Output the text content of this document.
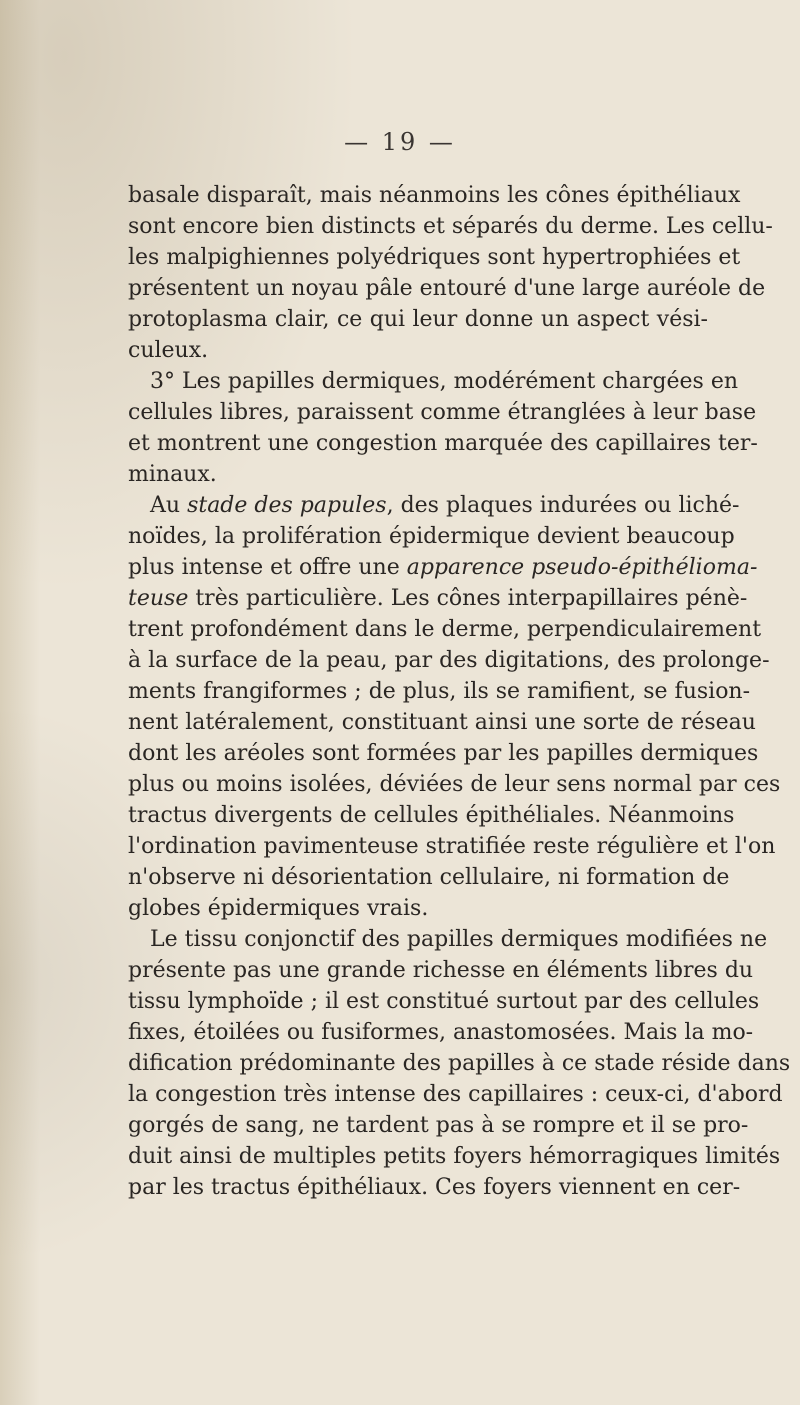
— 19 —
basale disparaît, mais néanmoins les cônes épithéliaux
sont encore bien distincts et séparés du derme. Les cellu-
les malpighiennes polyédriques sont hypertrophiées et
présentent un noyau pâle entouré d'une large auréole de
protoplasma clair, ce qui leur donne un aspect vési-
culeux.
3° Les papilles dermiques, modérément chargées en
cellules libres, paraissent comme étranglées à leur base
et montrent une congestion marquée des capillaires ter-
minaux.
Au stade des papules, des plaques indurées ou liché-
noïdes, la prolifération épidermique devient beaucoup
plus intense et offre une apparence pseudo-épithélioma-
teuse très particulière. Les cônes interpapillaires pénè-
trent profondément dans le derme, perpendiculairement
à la surface de la peau, par des digitations, des prolonge-
ments frangiformes ; de plus, ils se ramifient, se fusion-
nent latéralement, constituant ainsi une sorte de réseau
dont les aréoles sont formées par les papilles dermiques
plus ou moins isolées, déviées de leur sens normal par ces
tractus divergents de cellules épithéliales. Néanmoins
l'ordination pavimenteuse stratifiée reste régulière et l'on
n'observe ni désorientation cellulaire, ni formation de
globes épidermiques vrais.
Le tissu conjonctif des papilles dermiques modifiées ne
présente pas une grande richesse en éléments libres du
tissu lymphoïde ; il est constitué surtout par des cellules
fixes, étoilées ou fusiformes, anastomosées. Mais la mo-
dification prédominante des papilles à ce stade réside dans
la congestion très intense des capillaires : ceux-ci, d'abord
gorgés de sang, ne tardent pas à se rompre et il se pro-
duit ainsi de multiples petits foyers hémorragiques limités
par les tractus épithéliaux. Ces foyers viennent en cer-
